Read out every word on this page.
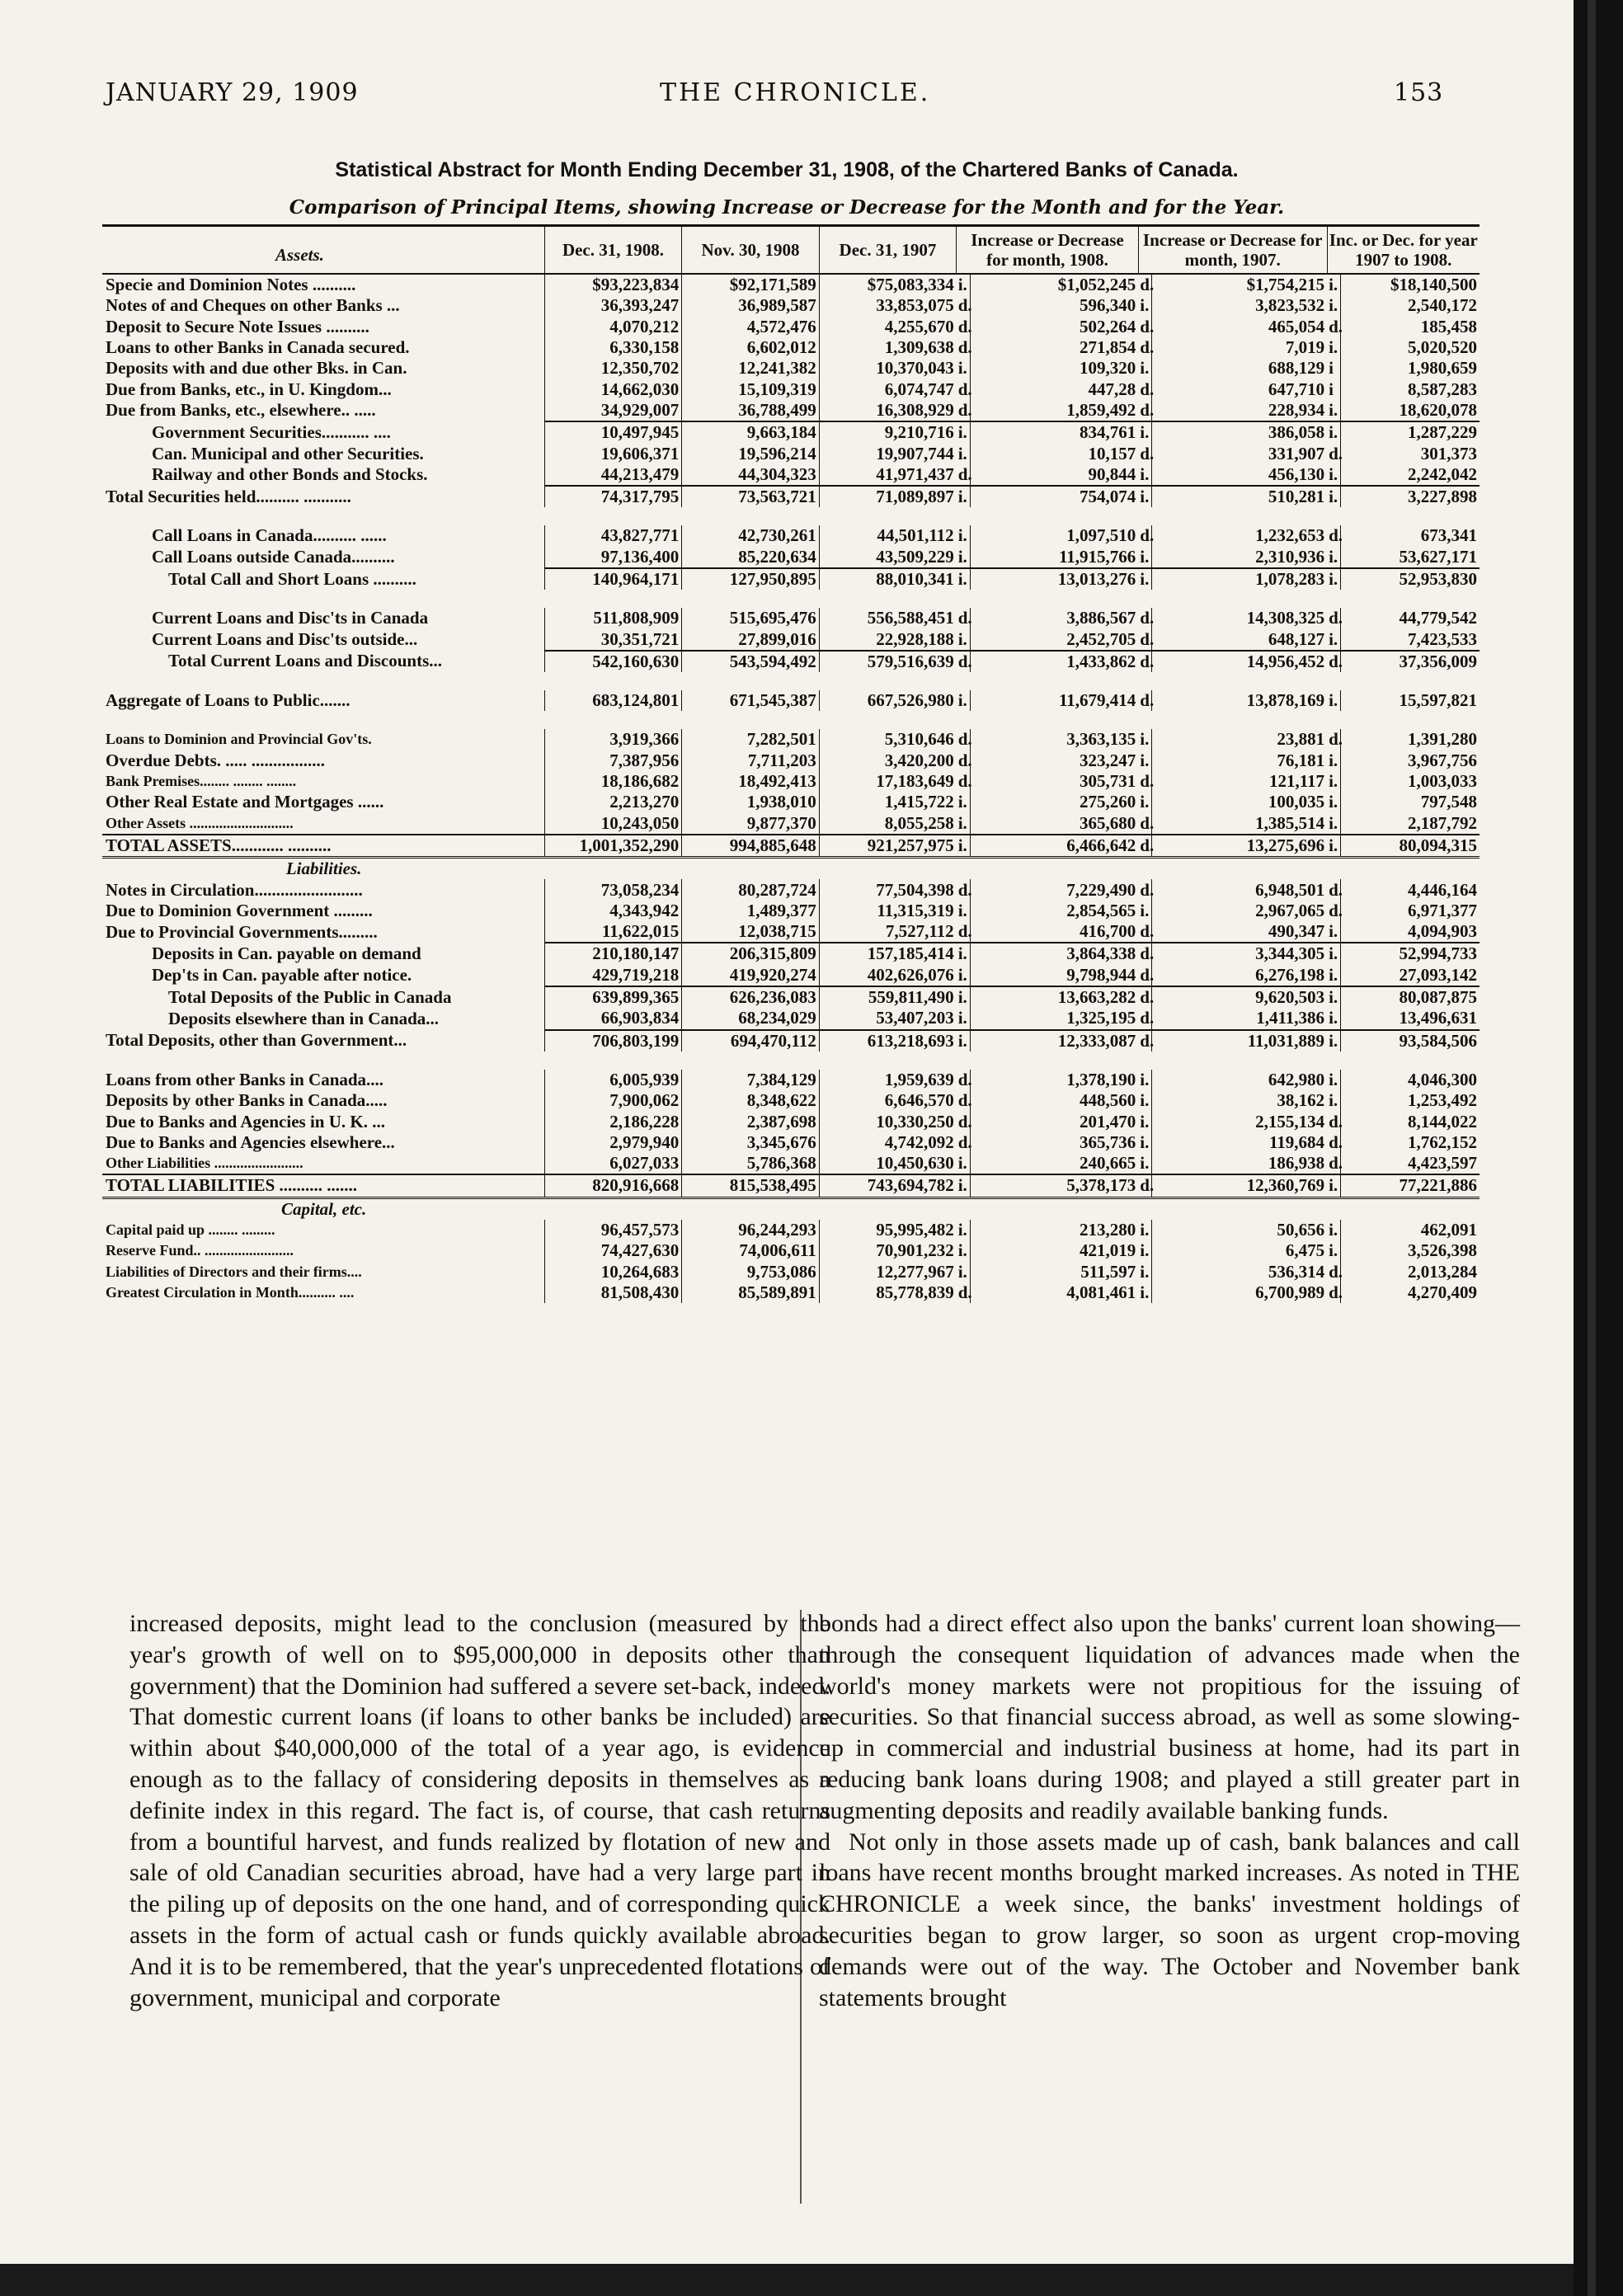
JANUARY 29, 1909	THE CHRONICLE.	153
Statistical Abstract for Month Ending December 31, 1908, of the Chartered Banks of Canada.
Comparison of Principal Items, showing Increase or Decrease for the Month and for the Year.
Assets.	Dec. 31, 1908.	Nov. 30, 1908	Dec. 31, 1907	Increase or Decrease for month, 1908.		Increase or Decrease for month, 1907.		Inc. or Dec. for year 1907 to 1908.	
Specie and Dominion Notes ..........	$93,223,834	$92,171,589	$75,083,334	i.	$1,052,245	d.	$1,754,215	i.	$18,140,500
Notes of and Cheques on other Banks ...	36,393,247	36,989,587	33,853,075	d.	596,340	i.	3,823,532	i.	2,540,172
Deposit to Secure Note Issues ..........	4,070,212	4,572,476	4,255,670	d.	502,264	d.	465,054	d.	185,458
Loans to other Banks in Canada secured.	6,330,158	6,602,012	1,309,638	d.	271,854	d.	7,019	i.	5,020,520
Deposits with and due other Bks. in Can.	12,350,702	12,241,382	10,370,043	i.	109,320	i.	688,129	i	1,980,659
Due from Banks, etc., in U. Kingdom...	14,662,030	15,109,319	6,074,747	d.	447,28	d.	647,710	i	8,587,283
Due from Banks, etc., elsewhere.. .....	34,929,007	36,788,499	16,308,929	d.	1,859,492	d.	228,934	i.	18,620,078
Government Securities........... ....	10,497,945	9,663,184	9,210,716	i.	834,761	i.	386,058	i.	1,287,229
Can. Municipal and other Securities.	19,606,371	19,596,214	19,907,744	i.	10,157	d.	331,907	d.	301,373
Railway and other Bonds and Stocks.	44,213,479	44,304,323	41,971,437	d.	90,844	i.	456,130	i.	2,242,042
Total Securities held.......... ...........	74,317,795	73,563,721	71,089,897	i.	754,074	i.	510,281	i.	3,227,898

Call Loans in Canada.......... ......	43,827,771	42,730,261	44,501,112	i.	1,097,510	d.	1,232,653	d.	673,341
Call Loans outside Canada..........	97,136,400	85,220,634	43,509,229	i.	11,915,766	i.	2,310,936	i.	53,627,171
Total Call and Short Loans ..........	140,964,171	127,950,895	88,010,341	i.	13,013,276	i.	1,078,283	i.	52,953,830

Current Loans and Disc'ts in Canada	511,808,909	515,695,476	556,588,451	d.	3,886,567	d.	14,308,325	d.	44,779,542
Current Loans and Disc'ts outside...	30,351,721	27,899,016	22,928,188	i.	2,452,705	d.	648,127	i.	7,423,533
Total Current Loans and Discounts...	542,160,630	543,594,492	579,516,639	d.	1,433,862	d.	14,956,452	d.	37,356,009

Aggregate of Loans to Public.......	683,124,801	671,545,387	667,526,980	i.	11,679,414	d.	13,878,169	i.	15,597,821

Loans to Dominion and Provincial Gov'ts.	3,919,366	7,282,501	5,310,646	d.	3,363,135	i.	23,881	d.	1,391,280
Overdue Debts. ..... .................	7,387,956	7,711,203	3,420,200	d.	323,247	i.	76,181	i.	3,967,756
Bank Premises........ ........ ........	18,186,682	18,492,413	17,183,649	d.	305,731	d.	121,117	i.	1,003,033
Other Real Estate and Mortgages ......	2,213,270	1,938,010	1,415,722	i.	275,260	i.	100,035	i.	797,548
Other Assets ............................	10,243,050	9,877,370	8,055,258	i.	365,680	d.	1,385,514	i.	2,187,792
TOTAL ASSETS............ ..........	1,001,352,290	994,885,648	921,257,975	i.	6,466,642	d.	13,275,696	i.	80,094,315
Liabilities.									
Notes in Circulation.........................	73,058,234	80,287,724	77,504,398	d.	7,229,490	d.	6,948,501	d.	4,446,164
Due to Dominion Government .........	4,343,942	1,489,377	11,315,319	i.	2,854,565	i.	2,967,065	d.	6,971,377
Due to Provincial Governments.........	11,622,015	12,038,715	7,527,112	d.	416,700	d.	490,347	i.	4,094,903
Deposits in Can. payable on demand	210,180,147	206,315,809	157,185,414	i.	3,864,338	d.	3,344,305	i.	52,994,733
Dep'ts in Can. payable after notice.	429,719,218	419,920,274	402,626,076	i.	9,798,944	d.	6,276,198	i.	27,093,142
Total Deposits of the Public in Canada	639,899,365	626,236,083	559,811,490	i.	13,663,282	d.	9,620,503	i.	80,087,875
Deposits elsewhere than in Canada...	66,903,834	68,234,029	53,407,203	i.	1,325,195	d.	1,411,386	i.	13,496,631
Total Deposits, other than Government...	706,803,199	694,470,112	613,218,693	i.	12,333,087	d.	11,031,889	i.	93,584,506

Loans from other Banks in Canada....	6,005,939	7,384,129	1,959,639	d.	1,378,190	i.	642,980	i.	4,046,300
Deposits by other Banks in Canada.....	7,900,062	8,348,622	6,646,570	d.	448,560	i.	38,162	i.	1,253,492
Due to Banks and Agencies in U. K. ...	2,186,228	2,387,698	10,330,250	d.	201,470	i.	2,155,134	d.	8,144,022
Due to Banks and Agencies elsewhere...	2,979,940	3,345,676	4,742,092	d.	365,736	i.	119,684	d.	1,762,152
Other Liabilities ........................	6,027,033	5,786,368	10,450,630	i.	240,665	i.	186,938	d.	4,423,597
TOTAL LIABILITIES .......... .......	820,916,668	815,538,495	743,694,782	i.	5,378,173	d.	12,360,769	i.	77,221,886
Capital, etc.									
Capital paid up ........ .........	96,457,573	96,244,293	95,995,482	i.	213,280	i.	50,656	i.	462,091
Reserve Fund.. ........................	74,427,630	74,006,611	70,901,232	i.	421,019	i.	6,475	i.	3,526,398
Liabilities of Directors and their firms....	10,264,683	9,753,086	12,277,967	i.	511,597	i.	536,314	d.	2,013,284
Greatest Circulation in Month.......... ....	81,508,430	85,589,891	85,778,839	d.	4,081,461	i.	6,700,989	d.	4,270,409

increased deposits, might lead to the conclusion (measured by the year's growth of well on to $95,000,000 in deposits other than government) that the Dominion had suffered a severe set-back, indeed. That domestic current loans (if loans to other banks be included) are within about $40,000,000 of the total of a year ago, is evidence enough as to the fallacy of considering deposits in themselves as a definite index in this regard. The fact is, of course, that cash returns from a bountiful harvest, and funds realized by flotation of new and sale of old Canadian securities abroad, have had a very large part in the piling up of deposits on the one hand, and of corresponding quick assets in the form of actual cash or funds quickly available abroad. And it is to be remembered, that the year's unprecedented flotations of government, municipal and corporate

bonds had a direct effect also upon the banks' current loan showing—through the consequent liquidation of advances made when the world's money markets were not propitious for the issuing of securities. So that financial success abroad, as well as some slowing-up in commercial and industrial business at home, had its part in reducing bank loans during 1908; and played a still greater part in augmenting deposits and readily available banking funds.

Not only in those assets made up of cash, bank balances and call loans have recent months brought marked increases. As noted in THE CHRONICLE a week since, the banks' investment holdings of securities began to grow larger, so soon as urgent crop-moving demands were out of the way. The October and November bank statements brought
